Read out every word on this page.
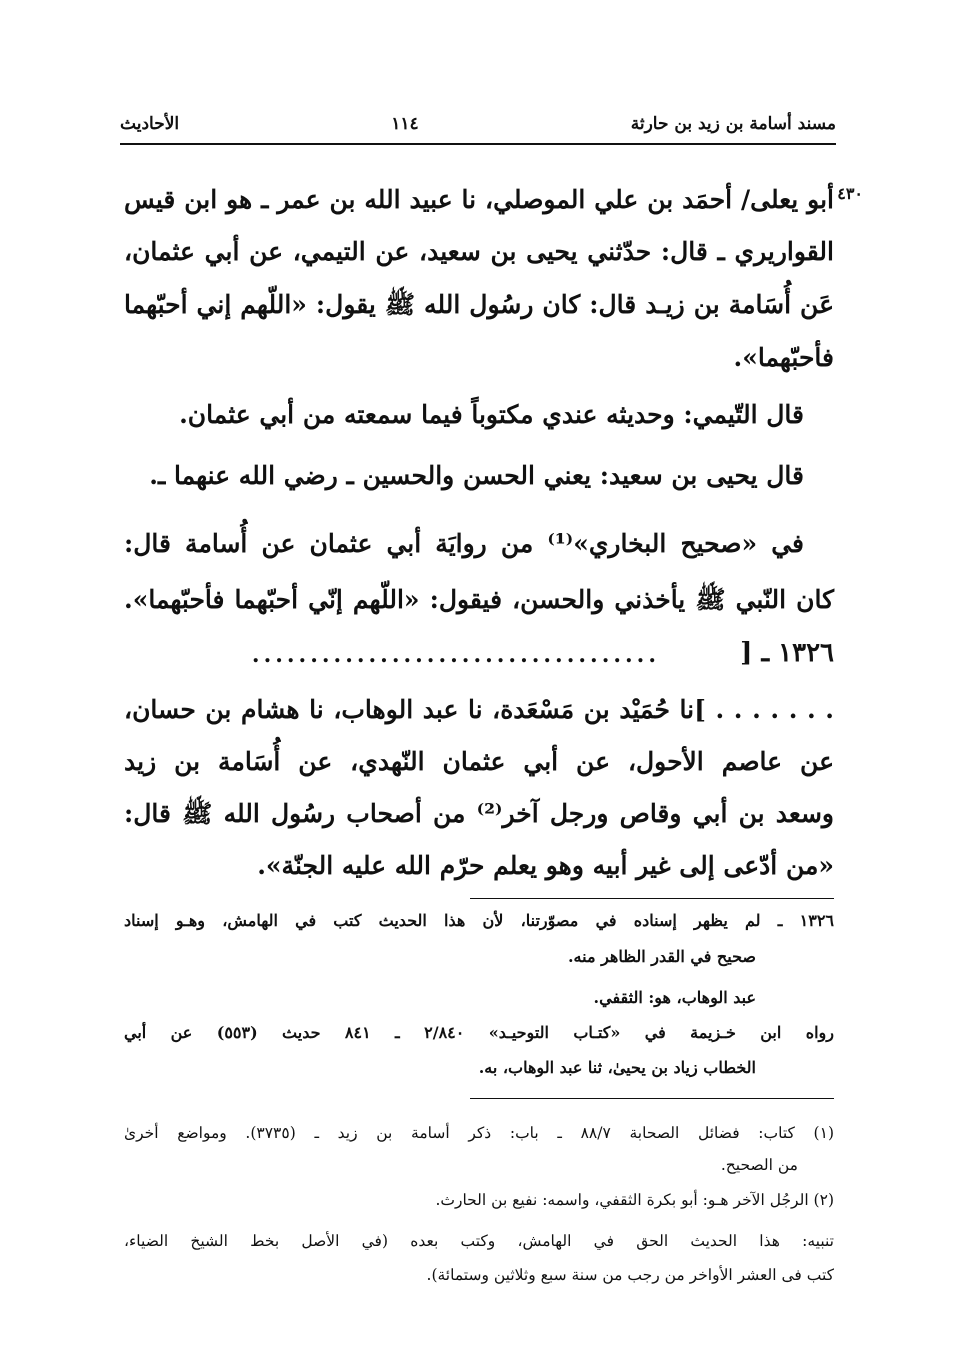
مسند أسامة بن زيد بن حارثة
١١٤
الأحاديث
٤٣٠
أبو يعلى/ أحمَد بن علي الموصلي، نا عبيد الله بن عمر ـ هو ابن قيس
القواريري ـ قال: حدّثني يحيى بن سعيد، عن التيمي، عن أبي عثمان،
عَن أُسَامة بن زيـد قال: كان رسُول الله ﷺ يقول: «اللّهم إني أحبّهما
فأحبّهما».
قال التّيمي: وحديثه عندي مكتوباً فيما سمعته من أبي عثمان.
قال يحيى بن سعيد: يعني الحسن والحسين ـ رضي الله عنهما ـ.
في «صحيح البخاري»⁽¹⁾ من روايَة أبي عثمان عن أُسامة قال:
كان النّبي ﷺ يأخذني والحسن، فيقول: «اللّهم إنّي أحبّهما فأحبّهما».
١٣٢٦ ـ [
...................................
. . . . . . . ]نا حُمَيْد بن مَسْعَدة، نا عبد الوهاب، نا هشام بن حسان،
عن عاصم الأحول، عن أبي عثمان النّهدي، عن أُسَامة بن زيد
وسعد بن أبي وقاص ورجل آخر⁽²⁾ من أصحاب رسُول الله ﷺ قال:
«من أدّعى إلى غير أبيه وهو يعلم حرّم الله عليه الجنّة».
١٣٢٦ ـ لم يظهر إسناده في مصوّرتنا، لأن هذا الحديث كتب في الهامش، وهـو إسناد
صحيح في القدر الظاهر منه.
عبد الوهاب، هو: الثقفي.
رواه ابن خـزيمة في «كتـاب التوحيـد» ٢/٨٤٠ ـ ٨٤١ حديث (٥٥٣) عن أبي
الخطاب زياد بن يحيىٰ، ثنا عبد الوهاب، به.
(١) كتاب: فضائل الصحابة ٨٨/٧ ـ باب: ذكر أسامة بن زيد ـ (٣٧٣٥). ومواضع أخرىٰ
من الصحيح.
(٢) الرجُل الآخر هـو: أبو بكرة الثقفي، واسمه: نفيع بن الحارث.
تنبيه: هذا الحديث الحق في الهامش، وكتب بعده (في الأصل بخط الشيخ الضياء،
كتب فى العشر الأواخر من رجب من سنة سبع وثلاثين وستمائة).
